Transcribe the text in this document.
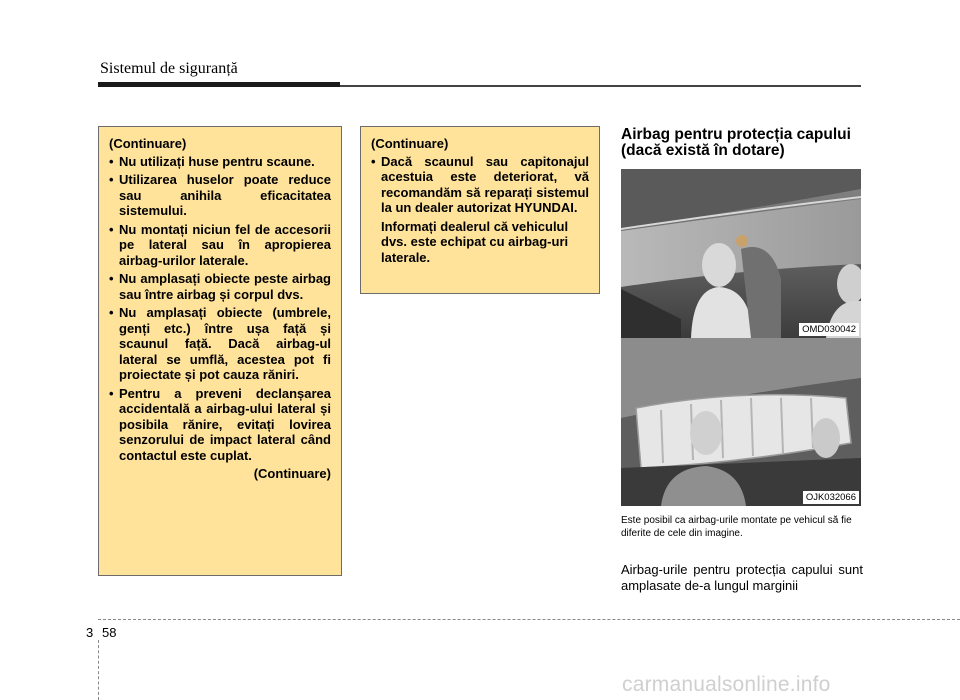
Sistemul de siguranță
(Continuare)
• Nu utilizați huse pentru scaune.
• Utilizarea huselor poate reduce sau anihila eficacitatea sistemului.
• Nu montați niciun fel de accesorii pe lateral sau în apropierea airbag-urilor laterale.
• Nu amplasați obiecte peste airbag sau între airbag și corpul dvs.
• Nu amplasați obiecte (umbrele, genți etc.) între ușa față și scaunul față. Dacă airbag-ul lateral se umflă, acestea pot fi proiectate și pot cauza răniri.
• Pentru a preveni declanșarea accidentală a airbag-ului lateral și posibila rănire, evitați lovirea senzorului de impact lateral când contactul este cuplat.
(Continuare)
(Continuare)
• Dacă scaunul sau capitonajul acestuia este deteriorat, vă recomandăm să reparați sistemul la un dealer autorizat HYUNDAI.
Informați dealerul că vehiculul dvs. este echipat cu airbag-uri laterale.
Airbag pentru protecția capului (dacă există în dotare)
OMD030042
OJK032066
Este posibil ca airbag-urile montate pe vehicul să fie diferite de cele din imagine.
Airbag-urile pentru protecția capului sunt amplasate de-a lungul marginii
3 58
carmanualsonline.info
